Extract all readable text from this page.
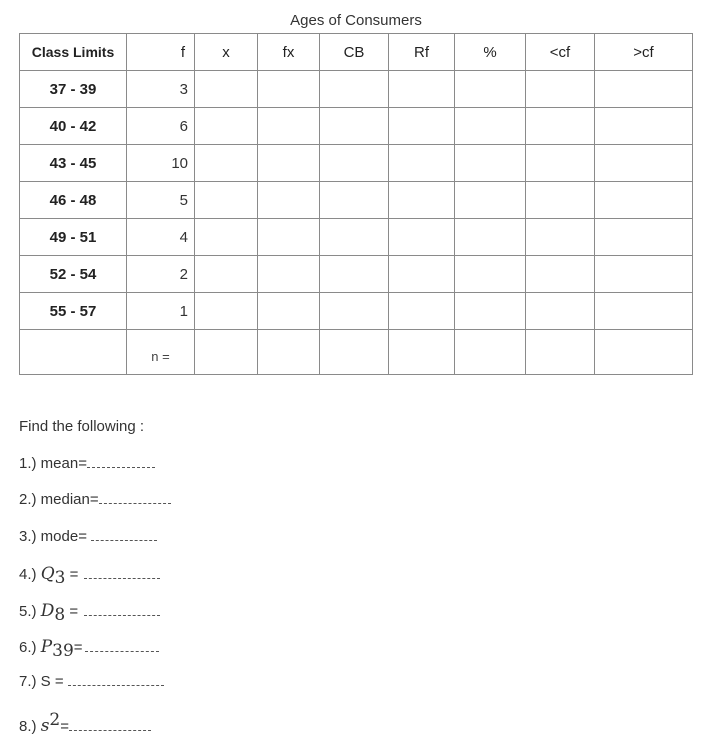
Ages of Consumers
Class Limits	f	x	fx	CB	Rf	%	<cf	>cf
37 - 39	3							
40 - 42	6							
43 - 45	10							
46 - 48	5							
49 - 51	4							
52 - 54	2							
55 - 57	1							
	n =							
Find the following :
1.) mean=
2.) median=
3.) mode=
4.) $Q_3$ =
5.) $D_8$ =
6.) $P_{39}=$
7.) S =
8.) $s^2=$
